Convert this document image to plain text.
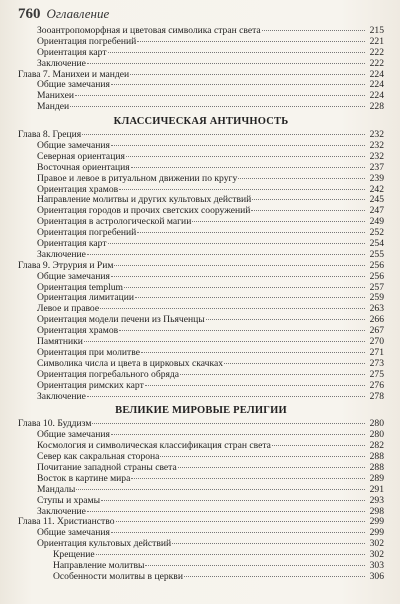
760 Оглавление
Зооантропоморфная и цветовая символика стран света	215
Ориентация погребений	221
Ориентация карт	222
Заключение	222
Глава 7. Манихеи и мандеи	224
Общие замечания	224
Манихеи	224
Мандеи	228
КЛАССИЧЕСКАЯ АНТИЧНОСТЬ
Глава 8. Греция	232
Общие замечания	232
Северная ориентация	232
Восточная ориентация	237
Правое и левое в ритуальном движении по кругу	239
Ориентация храмов	242
Направление молитвы и других культовых действий	245
Ориентация городов и прочих светских сооружений	247
Ориентация в астрологической магии	249
Ориентация погребений	252
Ориентация карт	254
Заключение	255
Глава 9. Этрурия и Рим	256
Общие замечания	256
Ориентация templum	257
Ориентация лимитации	259
Левое и правое	263
Ориентация модели печени из Пьяченцы	266
Ориентация храмов	267
Памятники	270
Ориентация при молитве	271
Символика числа и цвета в цирковых скачках	273
Ориентация погребального обряда	275
Ориентация римских карт	276
Заключение	278
ВЕЛИКИЕ МИРОВЫЕ РЕЛИГИИ
Глава 10. Буддизм	280
Общие замечания	280
Космология и символическая классификация стран света	282
Север как сакральная сторона	288
Почитание западной страны света	288
Восток в картине мира	289
Мандалы	291
Ступы и храмы	293
Заключение	298
Глава 11. Христианство	299
Общие замечания	299
Ориентация культовых действий	302
Крещение	302
Направление молитвы	303
Особенности молитвы в церкви	306
